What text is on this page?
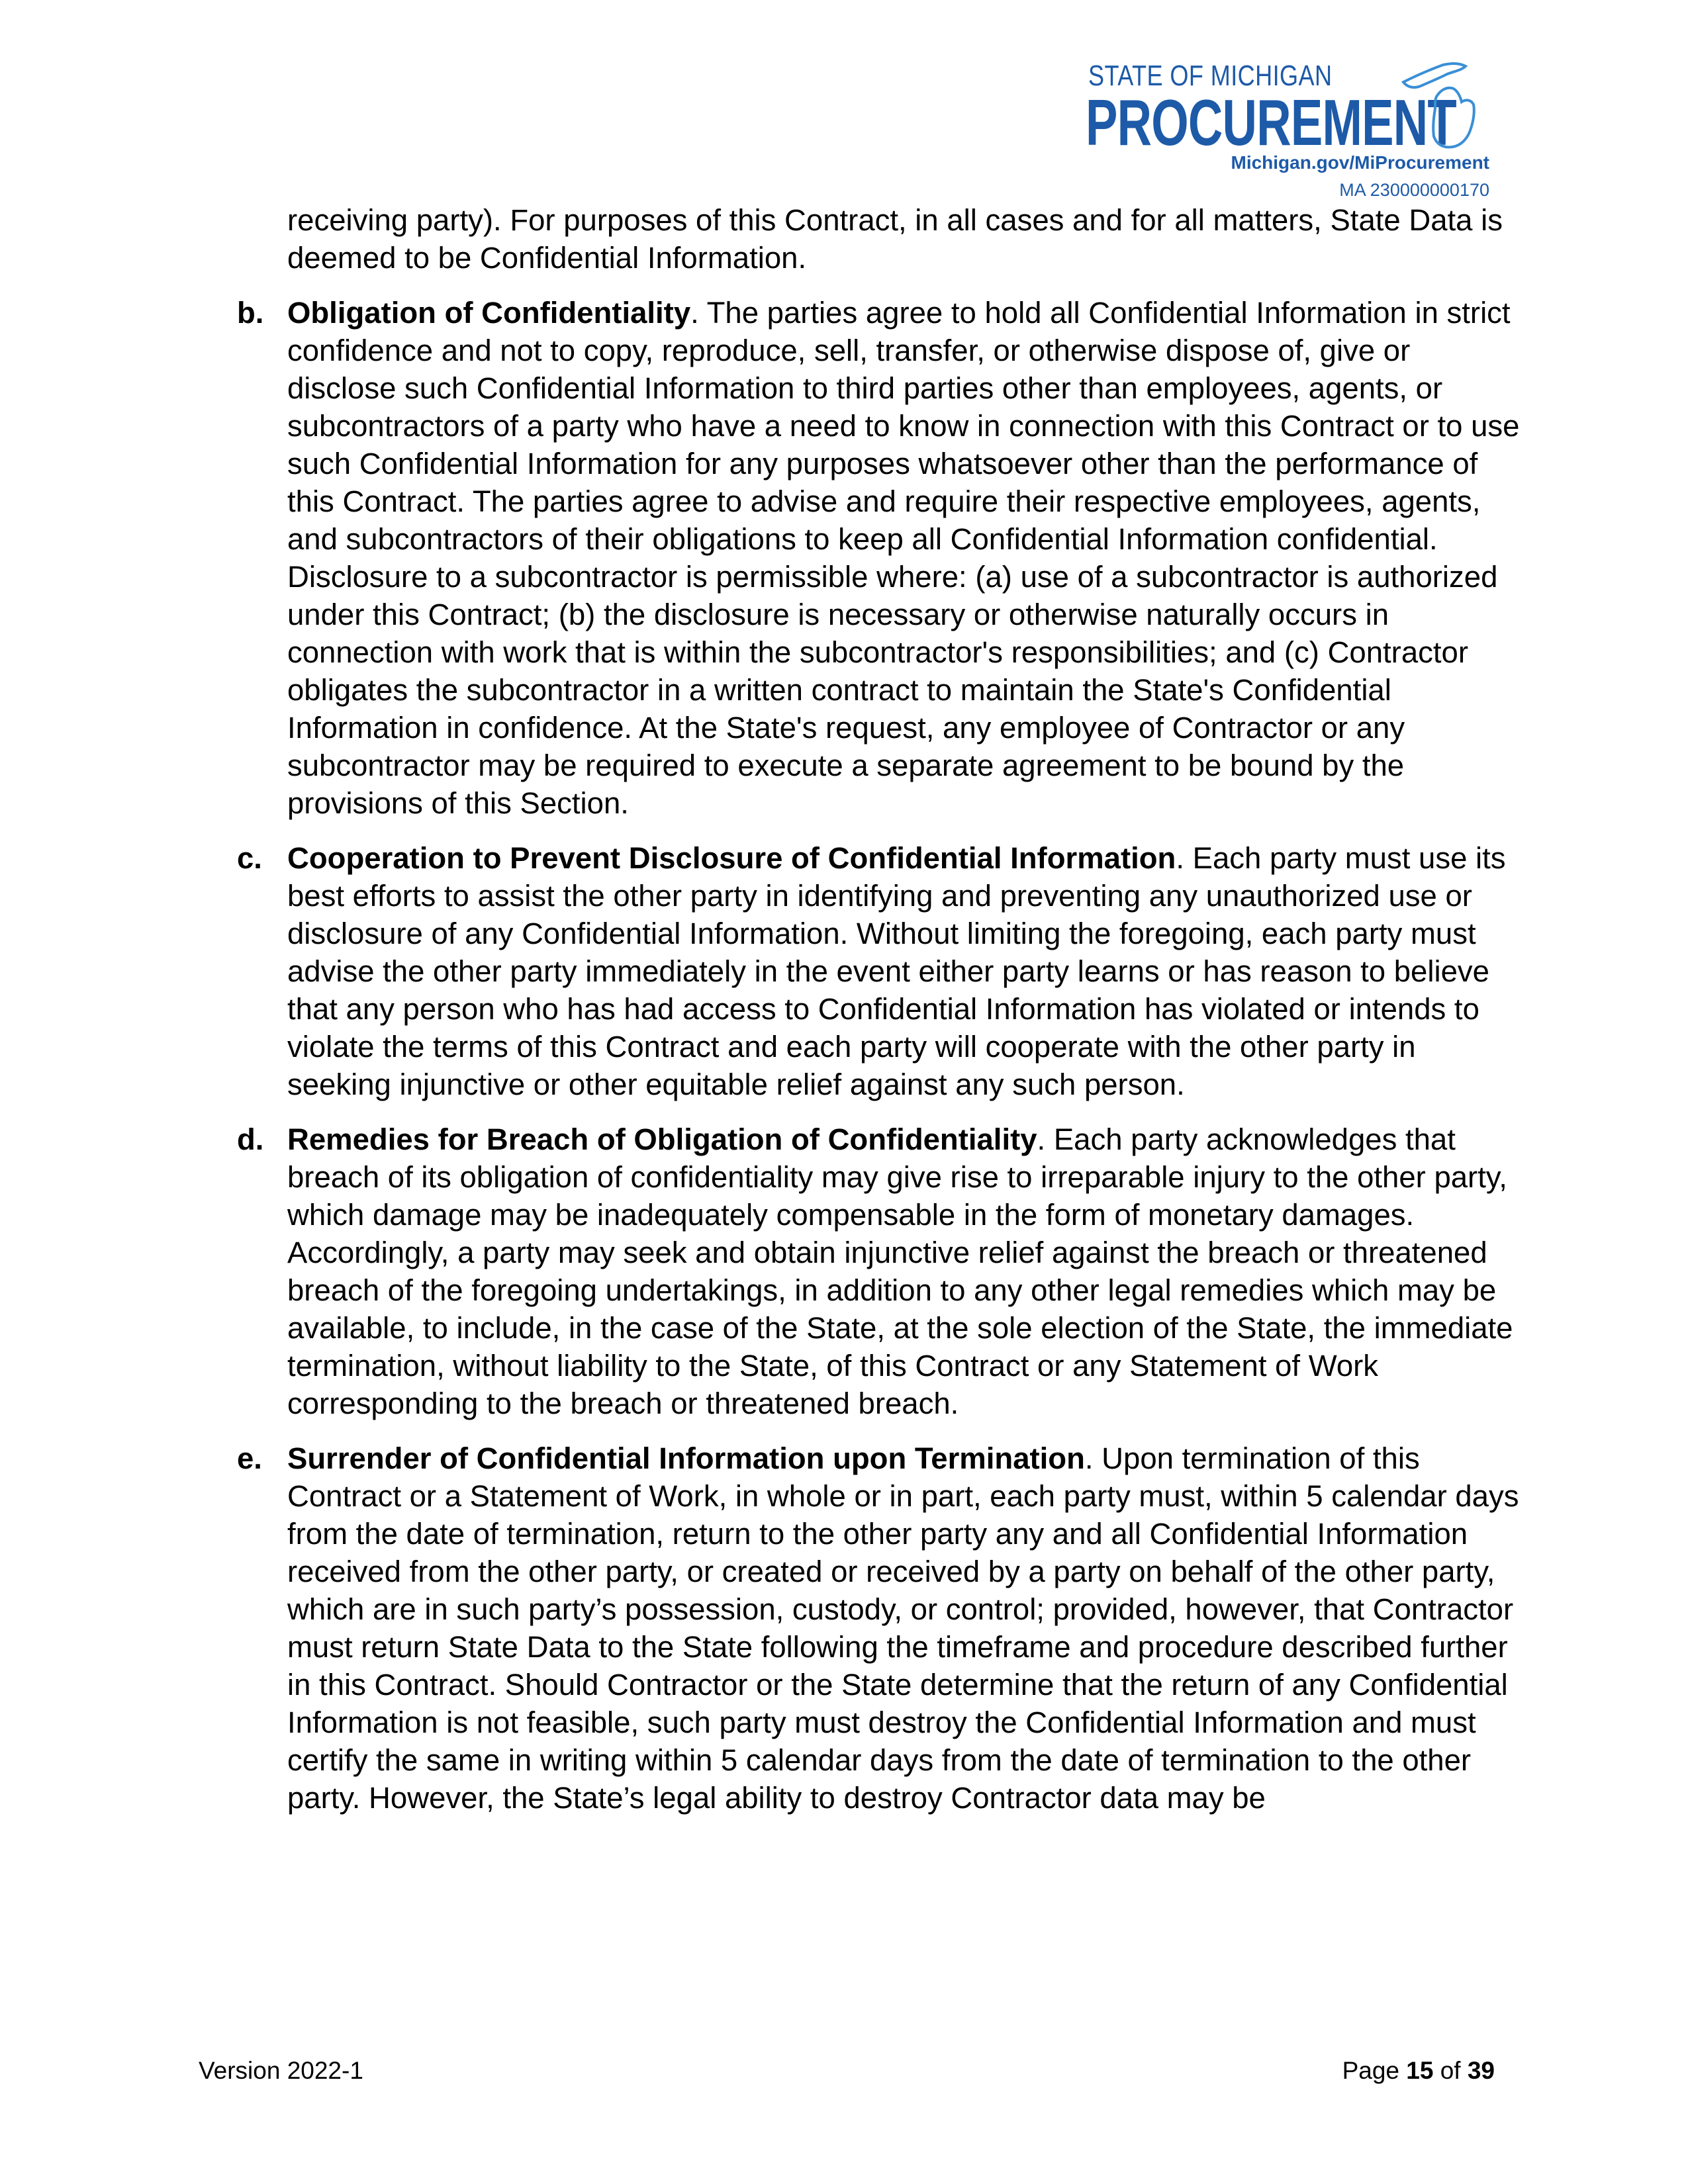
STATE OF MICHIGAN
PROCUREMENT
Michigan.gov/MiProcurement
MA 230000000170

receiving party). For purposes of this Contract, in all cases and for all matters, State Data is deemed to be Confidential Information.

b. Obligation of Confidentiality. The parties agree to hold all Confidential Information in strict confidence and not to copy, reproduce, sell, transfer, or otherwise dispose of, give or disclose such Confidential Information to third parties other than employees, agents, or subcontractors of a party who have a need to know in connection with this Contract or to use such Confidential Information for any purposes whatsoever other than the performance of this Contract. The parties agree to advise and require their respective employees, agents, and subcontractors of their obligations to keep all Confidential Information confidential. Disclosure to a subcontractor is permissible where: (a) use of a subcontractor is authorized under this Contract; (b) the disclosure is necessary or otherwise naturally occurs in connection with work that is within the subcontractor's responsibilities; and (c) Contractor obligates the subcontractor in a written contract to maintain the State's Confidential Information in confidence. At the State's request, any employee of Contractor or any subcontractor may be required to execute a separate agreement to be bound by the provisions of this Section.
c. Cooperation to Prevent Disclosure of Confidential Information. Each party must use its best efforts to assist the other party in identifying and preventing any unauthorized use or disclosure of any Confidential Information. Without limiting the foregoing, each party must advise the other party immediately in the event either party learns or has reason to believe that any person who has had access to Confidential Information has violated or intends to violate the terms of this Contract and each party will cooperate with the other party in seeking injunctive or other equitable relief against any such person.
d. Remedies for Breach of Obligation of Confidentiality. Each party acknowledges that breach of its obligation of confidentiality may give rise to irreparable injury to the other party, which damage may be inadequately compensable in the form of monetary damages. Accordingly, a party may seek and obtain injunctive relief against the breach or threatened breach of the foregoing undertakings, in addition to any other legal remedies which may be available, to include, in the case of the State, at the sole election of the State, the immediate termination, without liability to the State, of this Contract or any Statement of Work corresponding to the breach or threatened breach.
e. Surrender of Confidential Information upon Termination. Upon termination of this Contract or a Statement of Work, in whole or in part, each party must, within 5 calendar days from the date of termination, return to the other party any and all Confidential Information received from the other party, or created or received by a party on behalf of the other party, which are in such party’s possession, custody, or control; provided, however, that Contractor must return State Data to the State following the timeframe and procedure described further in this Contract. Should Contractor or the State determine that the return of any Confidential Information is not feasible, such party must destroy the Confidential Information and must certify the same in writing within 5 calendar days from the date of termination to the other party. However, the State’s legal ability to destroy Contractor data may be
Version 2022-1	Page 15 of 39
